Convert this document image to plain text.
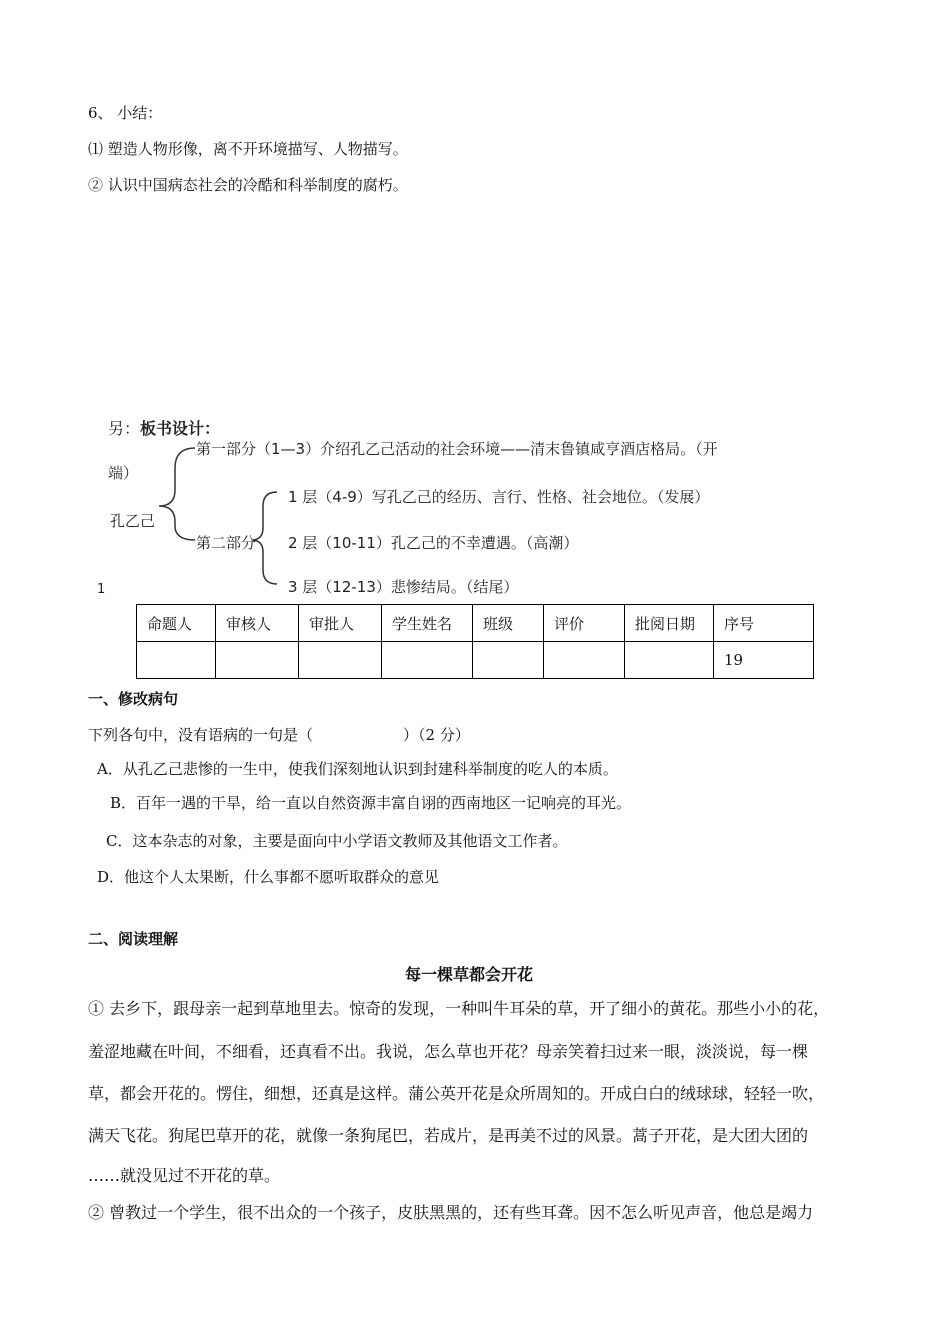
6、 小结：
⑴ 塑造人物形像，离不开环境描写、人物描写。
② 认识中国病态社会的冷酷和科举制度的腐朽。
另：板书设计：
第一部分（1—3）介绍孔乙己活动的社会环境——清末鲁镇咸亨酒店格局。（开
端）
孔乙己
第二部分
1 层（4-9）写孔乙己的经历、言行、性格、社会地位。（发展）
2 层（10-11）孔乙己的不幸遭遇。（高潮）
3 层（12-13）悲惨结局。（结尾）
1
命题人	审核人	审批人	学生姓名	班级	评价	批阅日期	序号
							19
一、修改病句
下列各句中，没有语病的一句是（　　　　　　）（2 分）
A．从孔乙己悲惨的一生中，使我们深刻地认识到封建科举制度的吃人的本质。
B．百年一遇的干旱，给一直以自然资源丰富自诩的西南地区一记响亮的耳光。
C．这本杂志的对象，主要是面向中小学语文教师及其他语文工作者。
D．他这个人太果断，什么事都不愿听取群众的意见
二、阅读理解
每一棵草都会开花
① 去乡下，跟母亲一起到草地里去。惊奇的发现，一种叫牛耳朵的草，开了细小的黄花。那些小小的花，
羞涩地藏在叶间，不细看，还真看不出。我说，怎么草也开花？母亲笑着扫过来一眼，淡淡说，每一棵
草，都会开花的。愣住，细想，还真是这样。蒲公英开花是众所周知的。开成白白的绒球球，轻轻一吹，
满天飞花。狗尾巴草开的花，就像一条狗尾巴，若成片，是再美不过的风景。蒿子开花，是大团大团的
……就没见过不开花的草。
② 曾教过一个学生，很不出众的一个孩子，皮肤黑黑的，还有些耳聋。因不怎么听见声音，他总是竭力
